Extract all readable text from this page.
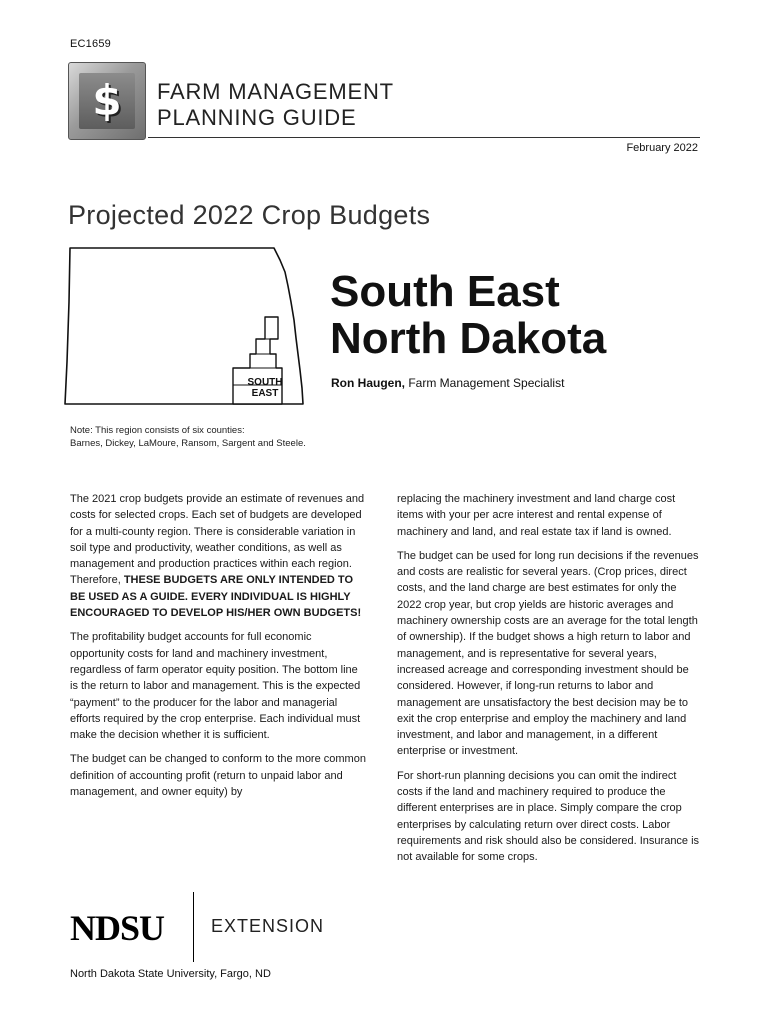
EC1659
$	FARM MANAGEMENT
PLANNING GUIDE
February 2022
Projected 2022 Crop Budgets
SOUTH
EAST
South East
North Dakota
Ron Haugen, Farm Management Specialist
Note: This region consists of six counties:
Barnes, Dickey, LaMoure, Ransom, Sargent and Steele.

The 2021 crop budgets provide an estimate of revenues and costs for selected crops. Each set of budgets are developed for a multi-county region. There is considerable variation in soil type and productivity, weather conditions, as well as management and production practices within each region. Therefore, THESE BUDGETS ARE ONLY INTENDED TO BE USED AS A GUIDE. EVERY INDIVIDUAL IS HIGHLY ENCOURAGED TO DEVELOP HIS/HER OWN BUDGETS!

The profitability budget accounts for full economic opportunity costs for land and machinery investment, regardless of farm operator equity position. The bottom line is the return to labor and management. This is the expected “payment” to the producer for the labor and managerial efforts required by the crop enterprise. Each individual must make the decision whether it is sufficient.

The budget can be changed to conform to the more common definition of accounting profit (return to unpaid labor and management, and owner equity) by

replacing the machinery investment and land charge cost items with your per acre interest and rental expense of machinery and land, and real estate tax if land is owned.

The budget can be used for long run decisions if the revenues and costs are realistic for several years. (Crop prices, direct costs, and the land charge are best estimates for only the 2022 crop year, but crop yields are historic averages and machinery ownership costs are an average for the total length of ownership). If the budget shows a high return to labor and management, and is representative for several years, increased acreage and corresponding investment should be considered. However, if long-run returns to labor and management are unsatisfactory the best decision may be to exit the crop enterprise and employ the machinery and land investment, and labor and management, in a different enterprise or investment.

For short-run planning decisions you can omit the indirect costs if the land and machinery required to produce the different enterprises are in place. Simply compare the crop enterprises by calculating return over direct costs. Labor requirements and risk should also be considered. Insurance is not available for some crops.

NDSU	EXTENSION
North Dakota State University, Fargo, ND
